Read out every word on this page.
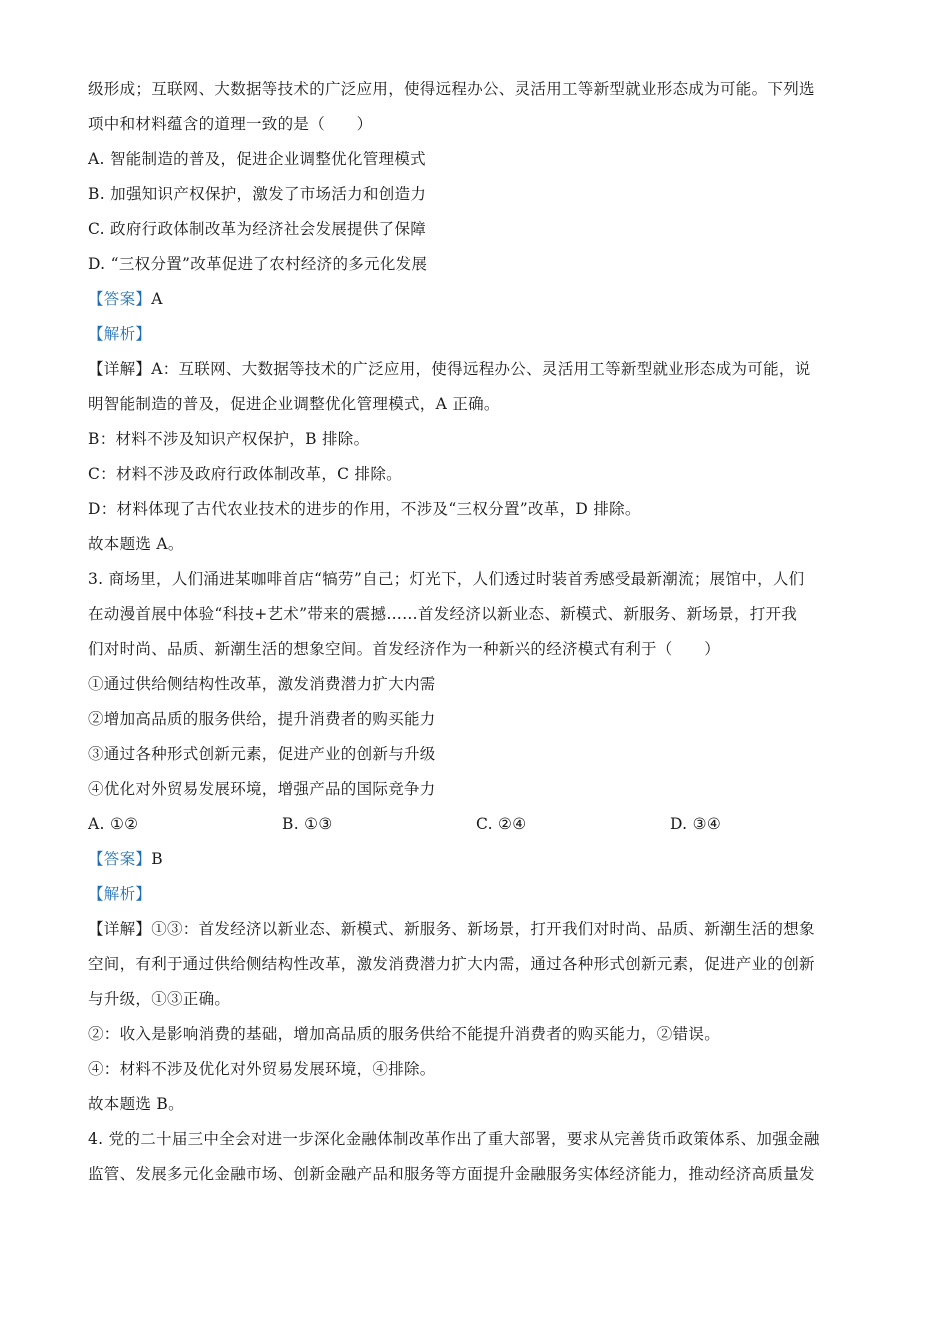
级形成；互联网、大数据等技术的广泛应用，使得远程办公、灵活用工等新型就业形态成为可能。下列选
项中和材料蕴含的道理一致的是（　　）
A. 智能制造的普及，促进企业调整优化管理模式
B. 加强知识产权保护，激发了市场活力和创造力
C. 政府行政体制改革为经济社会发展提供了保障
D. “三权分置”改革促进了农村经济的多元化发展
【答案】A
【解析】
【详解】A：互联网、大数据等技术的广泛应用，使得远程办公、灵活用工等新型就业形态成为可能，说
明智能制造的普及，促进企业调整优化管理模式，A 正确。
B：材料不涉及知识产权保护，B 排除。
C：材料不涉及政府行政体制改革，C 排除。
D：材料体现了古代农业技术的进步的作用，不涉及“三权分置”改革，D 排除。
故本题选 A。
3. 商场里，人们涌进某咖啡首店“犒劳”自己；灯光下，人们透过时装首秀感受最新潮流；展馆中，人们
在动漫首展中体验“科技+艺术”带来的震撼……首发经济以新业态、新模式、新服务、新场景，打开我
们对时尚、品质、新潮生活的想象空间。首发经济作为一种新兴的经济模式有利于（　　）
①通过供给侧结构性改革，激发消费潜力扩大内需
②增加高品质的服务供给，提升消费者的购买能力
③通过各种形式创新元素，促进产业的创新与升级
④优化对外贸易发展环境，增强产品的国际竞争力
A. ①②	B. ①③	C. ②④	D. ③④
【答案】B
【解析】
【详解】①③：首发经济以新业态、新模式、新服务、新场景，打开我们对时尚、品质、新潮生活的想象
空间，有利于通过供给侧结构性改革，激发消费潜力扩大内需，通过各种形式创新元素，促进产业的创新
与升级，①③正确。
②：收入是影响消费的基础，增加高品质的服务供给不能提升消费者的购买能力，②错误。
④：材料不涉及优化对外贸易发展环境，④排除。
故本题选 B。
4. 党的二十届三中全会对进一步深化金融体制改革作出了重大部署，要求从完善货币政策体系、加强金融
监管、发展多元化金融市场、创新金融产品和服务等方面提升金融服务实体经济能力，推动经济高质量发
